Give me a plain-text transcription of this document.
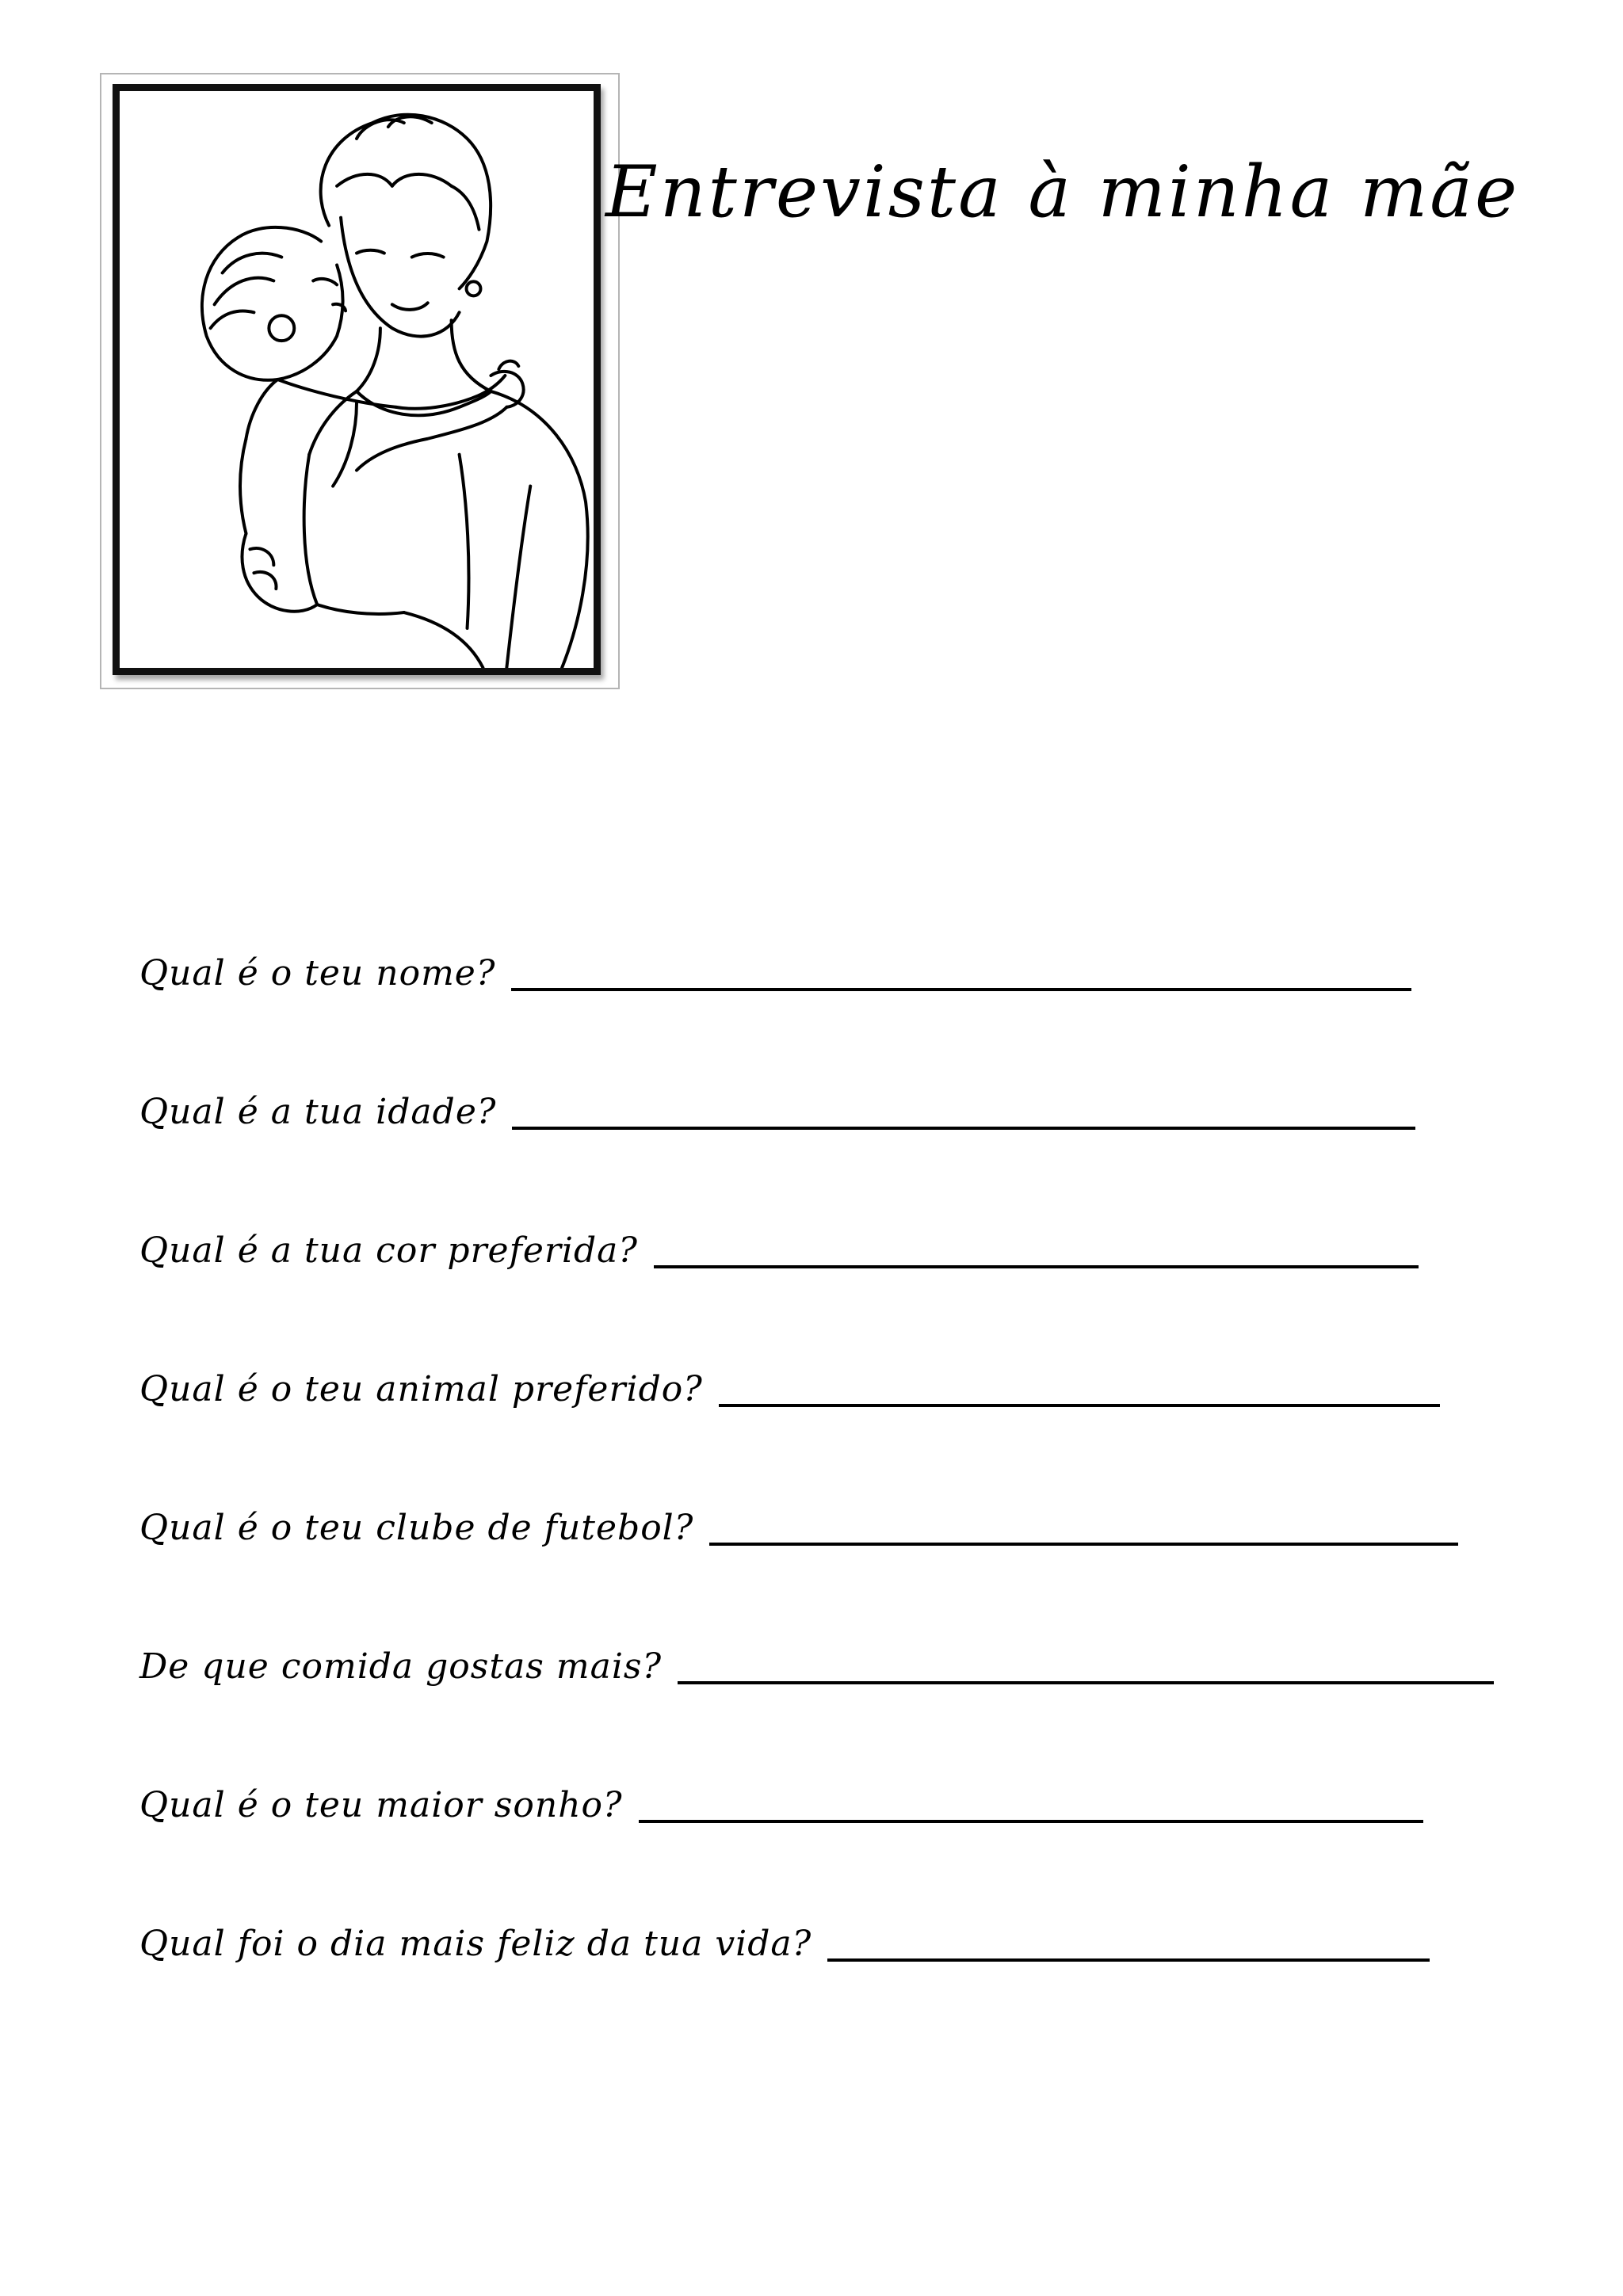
Entrevista à minha mãe
Qual é o teu nome?
Qual é a tua idade?
Qual é a tua cor preferida?
Qual é o teu animal preferido?
Qual é o teu clube de futebol?
De que comida gostas mais?
Qual é o teu maior sonho?
Qual foi o dia mais feliz da tua vida?
